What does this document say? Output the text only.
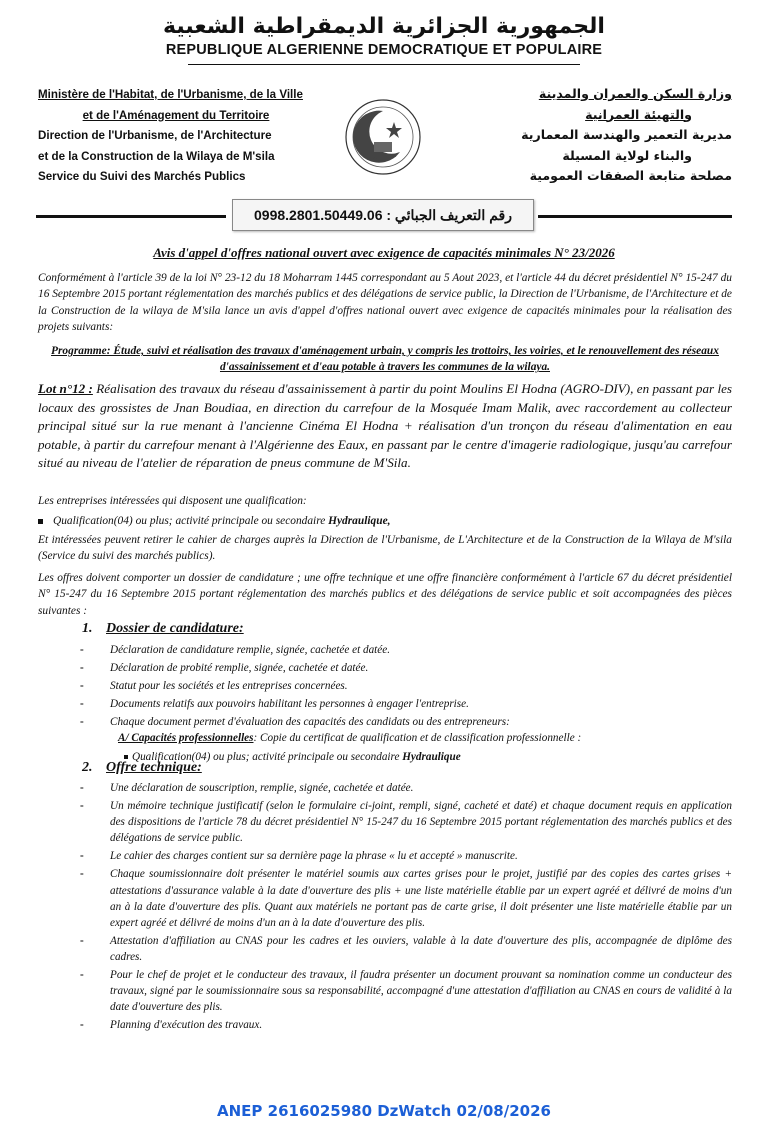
الجمهورية الجزائرية الديمقراطية الشعبية
REPUBLIQUE ALGERIENNE DEMOCRATIQUE ET POPULAIRE
Ministère de l'Habitat, de l'Urbanisme, de la Ville
et de l'Aménagement du Territoire
Direction de l'Urbanisme, de l'Architecture
et de la Construction de la Wilaya de M'sila
Service du Suivi des Marchés Publics
وزارة السكن والعمران والمدينة
والتهيئة العمرانية
مديرية التعمير والهندسة المعمارية
والبناء لولاية المسيلة
مصلحة متابعة الصفقات العمومية
0998.2801.50449.06 : رقم التعريف الجبائي
Avis d'appel d'offres national ouvert avec exigence de capacités minimales N° 23/2026
Conformément à l'article 39 de la loi N° 23-12 du 18 Moharram 1445 correspondant au 5 Aout 2023, et l'article 44 du décret présidentiel N° 15-247 du 16 Septembre 2015 portant réglementation des marchés publics et des délégations de service public, la Direction de l'Urbanisme, de l'Architecture et de la Construction de la wilaya de M'sila lance un avis d'appel d'offres national ouvert avec exigence de capacités minimales pour la réalisation des projets suivants:
Programme: Étude, suivi et réalisation des travaux d'aménagement urbain, y compris les trottoirs, les voiries, et le renouvellement des réseaux d'assainissement et d'eau potable à travers les communes de la wilaya.
Lot n°12 : Réalisation des travaux du réseau d'assainissement à partir du point Moulins El Hodna (AGRO-DIV), en passant par les locaux des grossistes de Jnan Boudiaa, en direction du carrefour de la Mosquée Imam Malik, avec raccordement au collecteur principal situé sur la rue menant à l'ancienne Cinéma El Hodna + réalisation d'un tronçon du réseau d'alimentation en eau potable, à partir du carrefour menant à l'Algérienne des Eaux, en passant par le centre d'imagerie radiologique, jusqu'au carrefour situé au niveau de l'atelier de réparation de pneus commune de M'Sila.
Les entreprises intéressées qui disposent une qualification:
Qualification(04) ou plus; activité principale ou secondaire Hydraulique,
Et intéressées peuvent retirer le cahier de charges auprès la Direction de l'Urbanisme, de L'Architecture et de la Construction de la Wilaya de M'sila (Service du suivi des marchés publics).
Les offres doivent comporter un dossier de candidature ; une offre technique et une offre financière conformément à l'article 67 du décret présidentiel N° 15-247 du 16 Septembre 2015 portant réglementation des marchés publics et des délégations de service public et soit accompagnées des pièces suivantes :
1. Dossier de candidature:
- Déclaration de candidature remplie, signée, cachetée et datée.
- Déclaration de probité remplie, signée, cachetée et datée.
- Statut pour les sociétés et les entreprises concernées.
- Documents relatifs aux pouvoirs habilitant les personnes à engager l'entreprise.
- Chaque document permet d'évaluation des capacités des candidats ou des entrepreneurs:
A/ Capacités professionnelles: Copie du certificat de qualification et de classification professionnelle :
Qualification(04) ou plus; activité principale ou secondaire Hydraulique
2. Offre technique:
- Une déclaration de souscription, remplie, signée, cachetée et datée.
- Un mémoire technique justificatif (selon le formulaire ci-joint, rempli, signé, cacheté et daté) et chaque document requis en application des dispositions de l'article 78 du décret présidentiel N° 15-247 du 16 Septembre 2015 portant réglementation des marchés publics et des délégations de service public.
- Le cahier des charges contient sur sa dernière page la phrase « lu et accepté » manuscrite.
- Chaque soumissionnaire doit présenter le matériel soumis aux cartes grises pour le projet, justifié par des copies des cartes grises + attestations d'assurance valable à la date d'ouverture des plis + une liste matérielle établie par un expert agréé et délivré de moins d'un an à la date d'ouverture des plis. Quant aux matériels ne portant pas de carte grise, il doit présenter une liste matérielle établie par un expert agréé et délivré de moins d'un an à la date d'ouverture des plis.
- Attestation d'affiliation au CNAS pour les cadres et les ouviers, valable à la date d'ouverture des plis, accompagnée de diplôme des cadres.
- Pour le chef de projet et le conducteur des travaux, il faudra présenter un document prouvant sa nomination comme un conducteur des travaux, signé par le soumissionnaire sous sa responsabilité, accompagné d'une attestation d'affiliation au CNAS en cours de validité à la date d'ouverture des plis.
- Planning d'exécution des travaux.
ANEP 2616025980 DzWatch 02/08/2026
